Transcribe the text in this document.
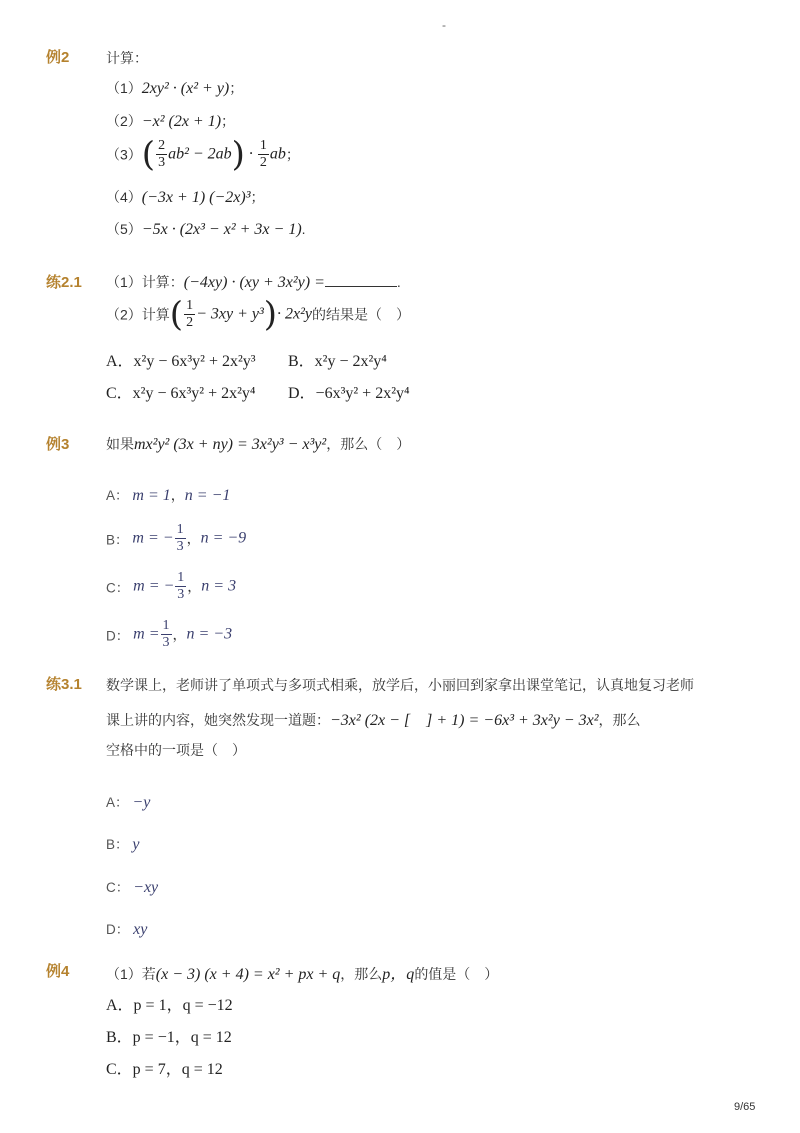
-
例2	计算：
（1）2xy² · (x² + y)；
（2）−x² (2x + 1)；
$(3)( \frac{2}{3} ab^2 - 2ab) \cdot \frac{1}{2}$ ab；
（4）(−3x + 1) (−2x)³；
（5）−5x · (2x³ − x² + 3x − 1).
练2.1 （1）计算：(−4xy) · (xy + 3x²y) =	.
（2）计算( $\frac{1}{2} - 3xy + y^3)\cdot 2x^2y$的结果是（　）
A．x²y − 6x³y² + 2x²y³ B．x²y − 2x²y⁴
C．x²y − 6x³y² + 2x²y⁴ D．−6x³y² + 2x²y⁴
例3	如果mx²y² (3x + ny) = 3x²y³ − x³y²，那么（　）
A： m = 1，n = −1
B： m = − $\frac{1}{3}$ ，n = −9
C： m = − $\frac{1}{3}$ ，n = 3
D： $m = \frac{1}{3}$ ，n = −3
练3.1 数学课上，老师讲了单项式与多项式相乘，放学后，小丽回到家拿出课堂笔记，认真地复习老师
课上讲的内容，她突然发现一道题：−3x² (2x − [　] + 1) = −6x³ + 3x²y − 3x²，那么
空格中的一项是（　）
A： −y
B： y
C： −xy
D： xy
例4	（1）若(x − 3) (x + 4) = x² + px + q，那么p，q的值是（　）
A．p = 1，q = −12
B．p = −1，q = 12
C．p = 7，q = 12
9/65
